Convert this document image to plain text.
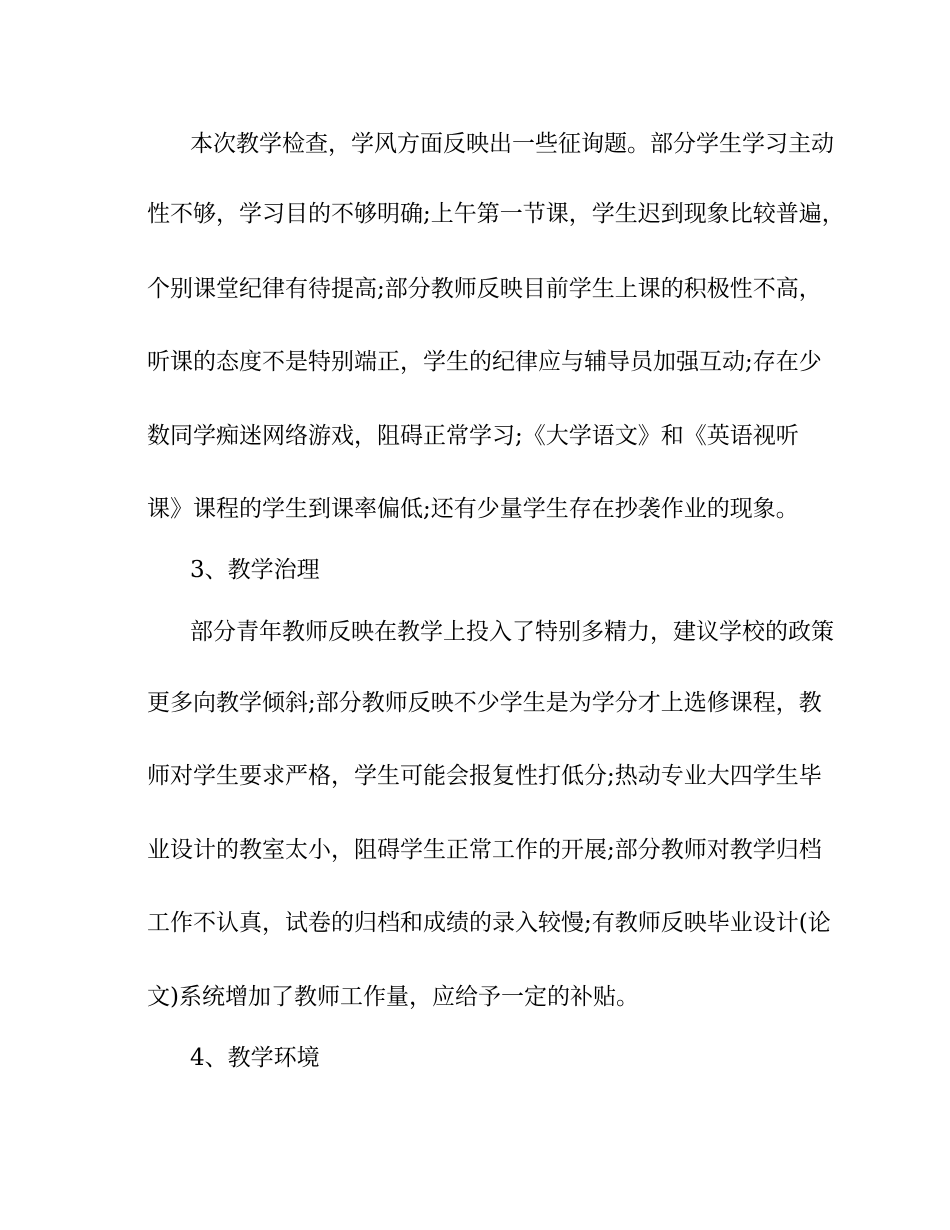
本次教学检查，学风方面反映出一些征询题。部分学生学习主动
性不够，学习目的不够明确;上午第一节课，学生迟到现象比较普遍，
个别课堂纪律有待提高;部分教师反映目前学生上课的积极性不高，
听课的态度不是特别端正，学生的纪律应与辅导员加强互动;存在少
数同学痴迷网络游戏，阻碍正常学习;《大学语文》和《英语视听
课》课程的学生到课率偏低;还有少量学生存在抄袭作业的现象。
3、教学治理
部分青年教师反映在教学上投入了特别多精力，建议学校的政策
更多向教学倾斜;部分教师反映不少学生是为学分才上选修课程，教
师对学生要求严格，学生可能会报复性打低分;热动专业大四学生毕
业设计的教室太小，阻碍学生正常工作的开展;部分教师对教学归档
工作不认真，试卷的归档和成绩的录入较慢;有教师反映毕业设计(论
文)系统增加了教师工作量，应给予一定的补贴。
4、教学环境
